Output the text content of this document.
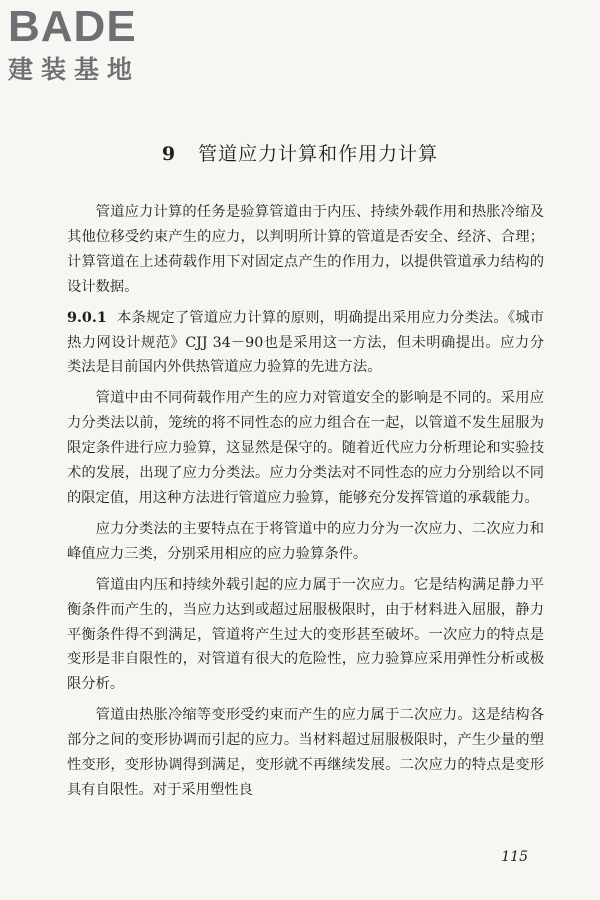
BADE
建装基地
9 管道应力计算和作用力计算

管道应力计算的任务是验算管道由于内压、持续外载作用和热胀冷缩及其他位移受约束产生的应力，以判明所计算的管道是否安全、经济、合理；计算管道在上述荷载作用下对固定点产生的作用力，以提供管道承力结构的设计数据。

9.0.1 本条规定了管道应力计算的原则，明确提出采用应力分类法。《城市热力网设计规范》CJJ 34－90也是采用这一方法，但未明确提出。应力分类法是目前国内外供热管道应力验算的先进方法。

管道中由不同荷载作用产生的应力对管道安全的影响是不同的。采用应力分类法以前，笼统的将不同性态的应力组合在一起，以管道不发生屈服为限定条件进行应力验算，这显然是保守的。随着近代应力分析理论和实验技术的发展，出现了应力分类法。应力分类法对不同性态的应力分别给以不同的限定值，用这种方法进行管道应力验算，能够充分发挥管道的承载能力。

应力分类法的主要特点在于将管道中的应力分为一次应力、二次应力和峰值应力三类，分别采用相应的应力验算条件。

管道由内压和持续外载引起的应力属于一次应力。它是结构满足静力平衡条件而产生的，当应力达到或超过屈服极限时，由于材料进入屈服，静力平衡条件得不到满足，管道将产生过大的变形甚至破坏。一次应力的特点是变形是非自限性的，对管道有很大的危险性，应力验算应采用弹性分析或极限分析。

管道由热胀冷缩等变形受约束而产生的应力属于二次应力。这是结构各部分之间的变形协调而引起的应力。当材料超过屈服极限时，产生少量的塑性变形，变形协调得到满足，变形就不再继续发展。二次应力的特点是变形具有自限性。对于采用塑性良

115
